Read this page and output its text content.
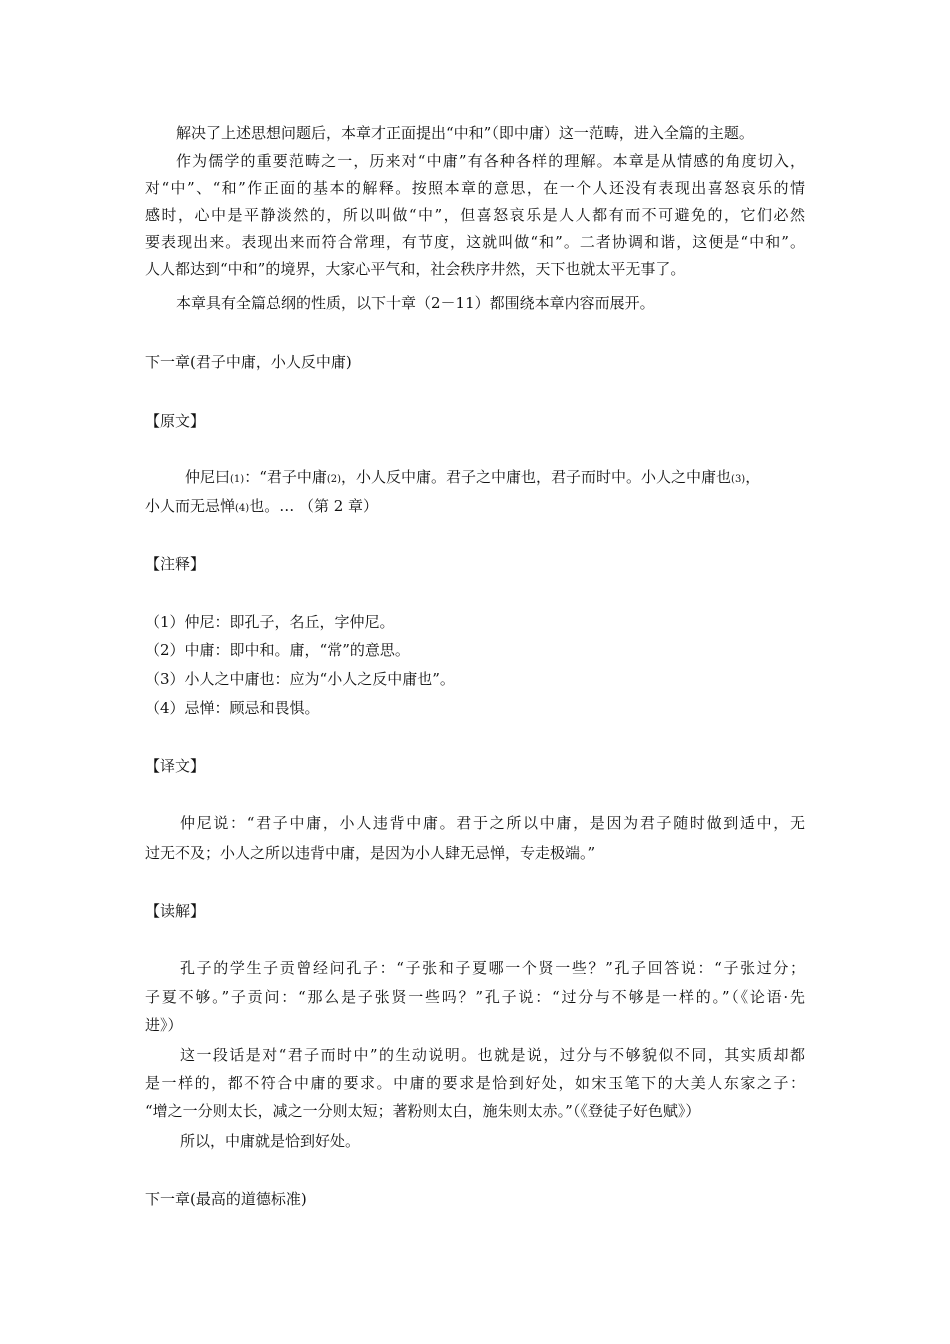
解决了上述思想问题后，本章才正面提出“中和”（即中庸）这一范畴，进入全篇的主题。
作为儒学的重要范畴之一，历来对“中庸”有各种各样的理解。本章是从情感的角度切入，
对“中”、“和”作正面的基本的解释。按照本章的意思，在一个人还没有表现出喜怒哀乐的情
感时，心中是平静淡然的，所以叫做“中”，但喜怒哀乐是人人都有而不可避免的，它们必然
要表现出来。表现出来而符合常理，有节度，这就叫做“和”。二者协调和谐，这便是“中和”。
人人都达到“中和”的境界，大家心平气和，社会秩序井然，天下也就太平无事了。
本章具有全篇总纲的性质，以下十章（2－11）都围绕本章内容而展开。
下一章(君子中庸，小人反中庸)
【原文】
仲尼曰(1)：“君子中庸(2)，小人反中庸。君子之中庸也，君子而时中。小人之中庸也(3)，
小人而无忌惮(4)也。… （第 2 章）
【注释】
（1）仲尼：即孔子，名丘，字仲尼。
（2）中庸：即中和。庸，“常”的意思。
（3）小人之中庸也：应为“小人之反中庸也”。
（4）忌惮：顾忌和畏惧。
【译文】
仲尼说：“君子中庸，小人违背中庸。君于之所以中庸，是因为君子随时做到适中，无
过无不及；小人之所以违背中庸，是因为小人肆无忌惮，专走极端。”
【读解】
孔子的学生子贡曾经问孔子：“子张和子夏哪一个贤一些？”孔子回答说：“子张过分；
子夏不够。”子贡问：“那么是子张贤一些吗？”孔子说：“过分与不够是一样的。”（《论语·先
进》）
这一段话是对“君子而时中”的生动说明。也就是说，过分与不够貌似不同，其实质却都
是一样的，都不符合中庸的要求。中庸的要求是恰到好处，如宋玉笔下的大美人东家之子：
“增之一分则太长，减之一分则太短；著粉则太白，施朱则太赤。”（《登徒子好色赋》）
所以，中庸就是恰到好处。
下一章(最高的道德标准)
